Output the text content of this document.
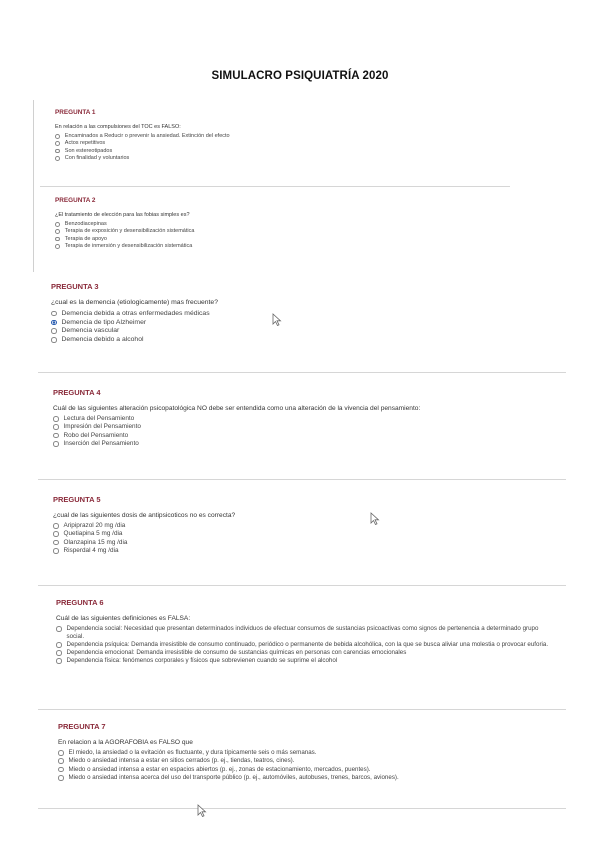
SIMULACRO PSIQUIATRÍA 2020
PREGUNTA 1
En relación a las compulsiones del TOC es FALSO:
Encaminados a Reducir o prevenir la ansiedad. Extinción del efecto
Actos repetitivos
Son estereotipados
Con finalidad y voluntarios
PREGUNTA 2
¿El tratamiento de elección para las fobias simples es?
Benzodiacepinas
Terapia de exposición y desensibilización sistemática
Terapia de apoyo
Terapia de inmersión y desensibilización sistemática
PREGUNTA 3
¿cual es la demencia (etiologicamente) mas frecuente?
Demencia debida a otras enfermedades médicas
Demencia de tipo Alzheimer
Demencia vascular
Demencia debido a alcohol
PREGUNTA 4
Cuál de las siguientes alteración psicopatológica NO debe ser entendida como una alteración de la vivencia del pensamiento:
Lectura del Pensamiento
Impresión del Pensamiento
Robo del Pensamiento
Inserción del Pensamiento
PREGUNTA 5
¿cual de las siguientes dosis de antipsicoticos no es correcta?
Aripiprazol 20 mg /dia
Quetiapina 5 mg /dia
Olanzapina 15 mg /dia
Risperdal 4 mg /dia
PREGUNTA 6
Cuál de las siguientes definiciones es FALSA:
Dependencia social: Necesidad que presentan determinados individuos de efectuar consumos de sustancias psicoactivas como signos de pertenencia a determinado grupo social.
Dependencia psíquica: Demanda irresistible de consumo continuado, periódico o permanente de bebida alcohólica, con la que se busca aliviar una molestia o provocar euforia.
Dependencia emocional: Demanda irresistible de consumo de sustancias químicas en personas con carencias emocionales
Dependencia física: fenómenos corporales y físicos que sobrevienen cuando se suprime el alcohol
PREGUNTA 7
En relacion a la AGORAFOBIA es FALSO que
El miedo, la ansiedad o la evitación es fluctuante, y dura típicamente seis o más semanas.
Miedo o ansiedad intensa a estar en sitios cerrados (p. ej., tiendas, teatros, cines).
Miedo o ansiedad intensa a estar en espacios abiertos (p. ej., zonas de estacionamiento, mercados, puentes).
Miedo o ansiedad intensa acerca del uso del transporte público (p. ej., automóviles, autobuses, trenes, barcos, aviones).
